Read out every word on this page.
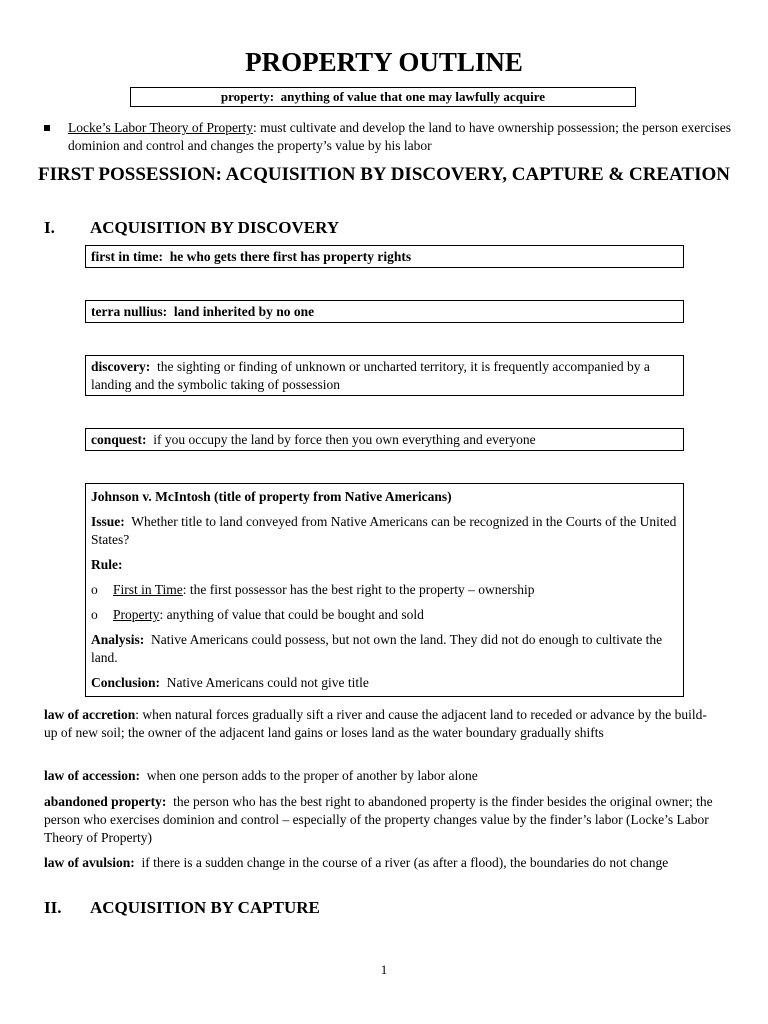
PROPERTY OUTLINE
property: anything of value that one may lawfully acquire
Locke’s Labor Theory of Property: must cultivate and develop the land to have ownership possession; the person exercises dominion and control and changes the property’s value by his labor
FIRST POSSESSION: ACQUISITION BY DISCOVERY, CAPTURE & CREATION
I. ACQUISITION BY DISCOVERY
first in time: he who gets there first has property rights
terra nullius: land inherited by no one
discovery: the sighting or finding of unknown or uncharted territory, it is frequently accompanied by a landing and the symbolic taking of possession
conquest: if you occupy the land by force then you own everything and everyone

Johnson v. McIntosh (title of property from Native Americans)

Issue: Whether title to land conveyed from Native Americans can be recognized in the Courts of the United States?

Rule:

o First in Time: the first possessor has the best right to the property – ownership
o Property: anything of value that could be bought and sold

Analysis: Native Americans could possess, but not own the land. They did not do enough to cultivate the land.

Conclusion: Native Americans could not give title

law of accretion: when natural forces gradually sift a river and cause the adjacent land to receded or advance by the build-up of new soil; the owner of the adjacent land gains or loses land as the water boundary gradually shifts

law of accession: when one person adds to the proper of another by labor alone

abandoned property: the person who has the best right to abandoned property is the finder besides the original owner; the person who exercises dominion and control – especially of the property changes value by the finder’s labor (Locke’s Labor Theory of Property)

law of avulsion: if there is a sudden change in the course of a river (as after a flood), the boundaries do not change

II. ACQUISITION BY CAPTURE
1
